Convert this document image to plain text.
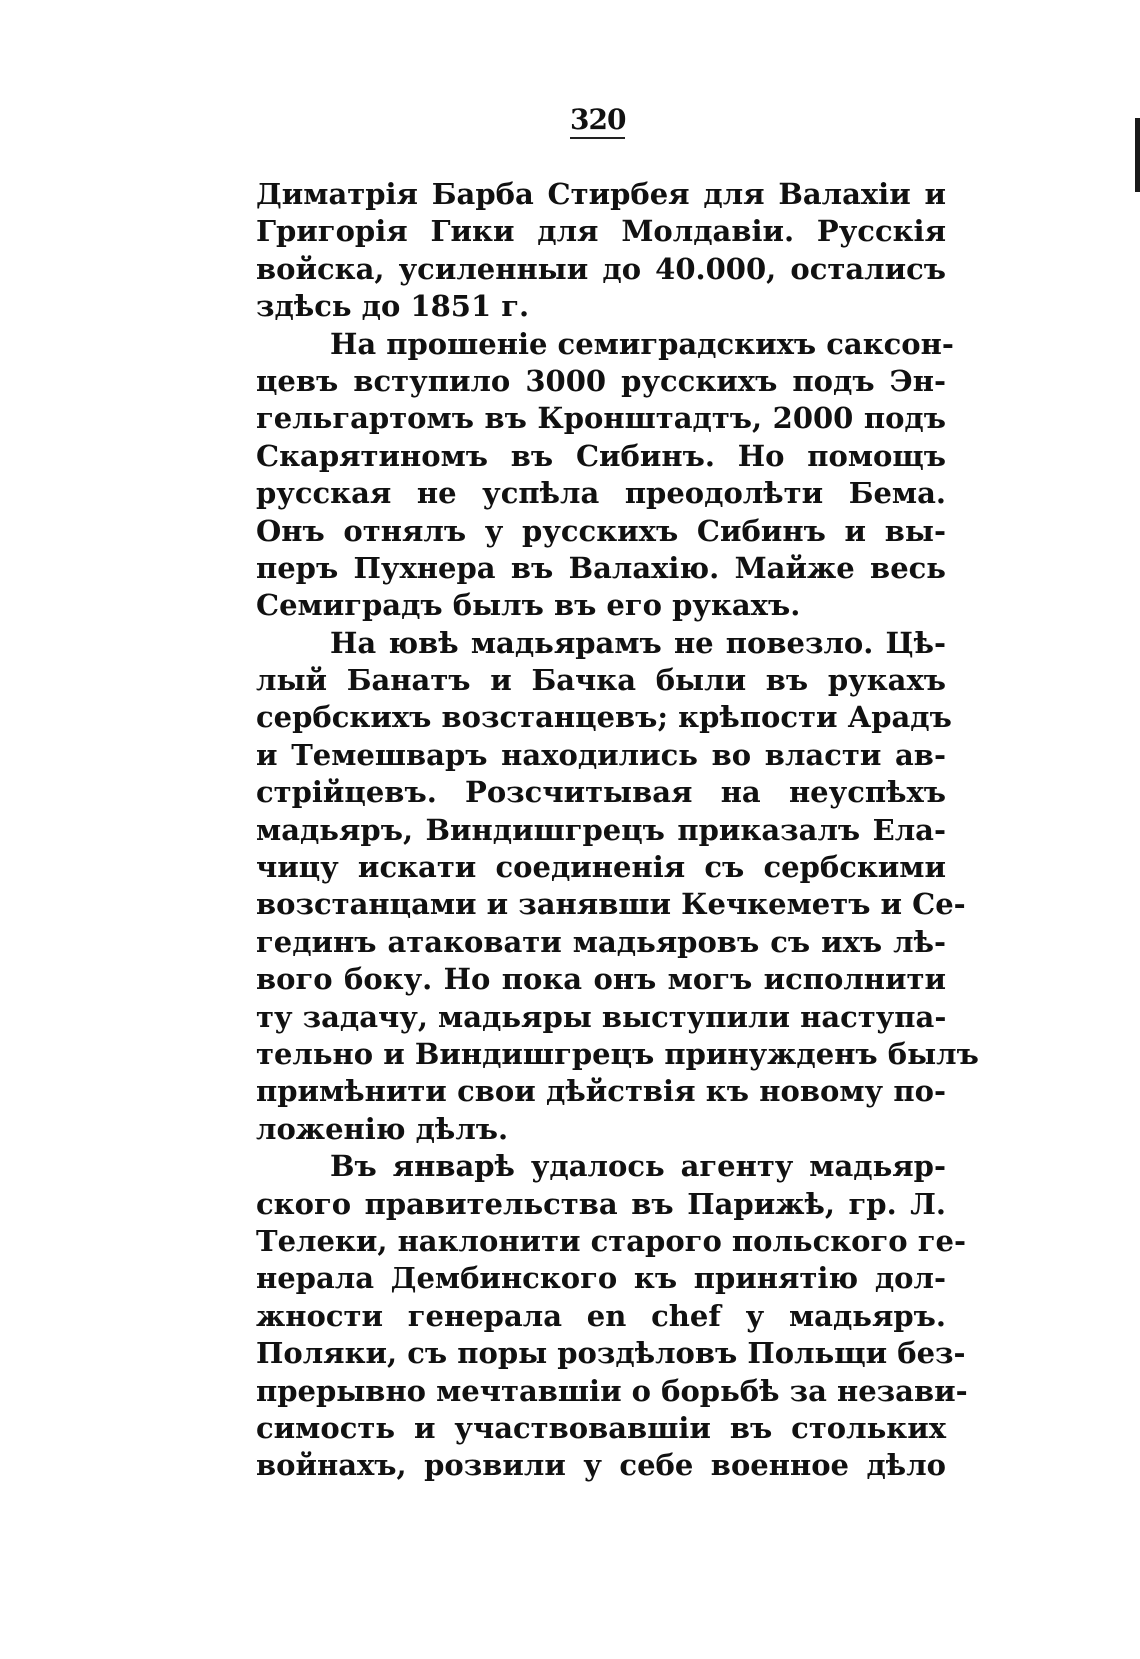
320
Диматрія Барба Стирбея для Валахіи и
Григорія Гики для Молдавіи. Русскія
войска, усиленныи до 40.000, осталисъ
здѣсь до 1851 г.
На прошеніе семиградскихъ саксон-
цевъ вступило 3000 русскихъ подъ Эн-
гельгартомъ въ Кронштадтъ, 2000 подъ
Скарятиномъ въ Сибинъ. Но помощъ
русская не успѣла преодолѣти Бема.
Онъ отнялъ у русскихъ Сибинъ и вы-
перъ Пухнера въ Валахію. Майже весь
Семиградъ былъ въ его рукахъ.
На ювѣ мадьярамъ не повезло. Цѣ-
лый Банатъ и Бачка были въ рукахъ
сербскихъ возстанцевъ; крѣпости Арадъ
и Темешваръ находились во власти ав-
стрійцевъ. Розсчитывая на неуспѣхъ
мадьяръ, Виндишгрецъ приказалъ Ела-
чицу искати соединенія съ сербскими
возстанцами и занявши Кечкеметъ и Се-
гединъ атаковати мадьяровъ съ ихъ лѣ-
вого боку. Но пока онъ могъ исполнити
ту задачу, мадьяры выступили наступа-
тельно и Виндишгрецъ принужденъ былъ
примѣнити свои дѣйствія къ новому по-
ложенію дѣлъ.
Въ январѣ удалось агенту мадьяр-
ского правительства въ Парижѣ, гр. Л.
Телеки, наклонити старого польского ге-
нерала Дембинского къ принятію дол-
жности генерала en chef у мадьяръ.
Поляки, съ поры роздѣловъ Польщи без-
прерывно мечтавшіи о борьбѣ за незави-
симость и участвовавшіи въ стольких
войнахъ, розвили у себе военное дѣло
